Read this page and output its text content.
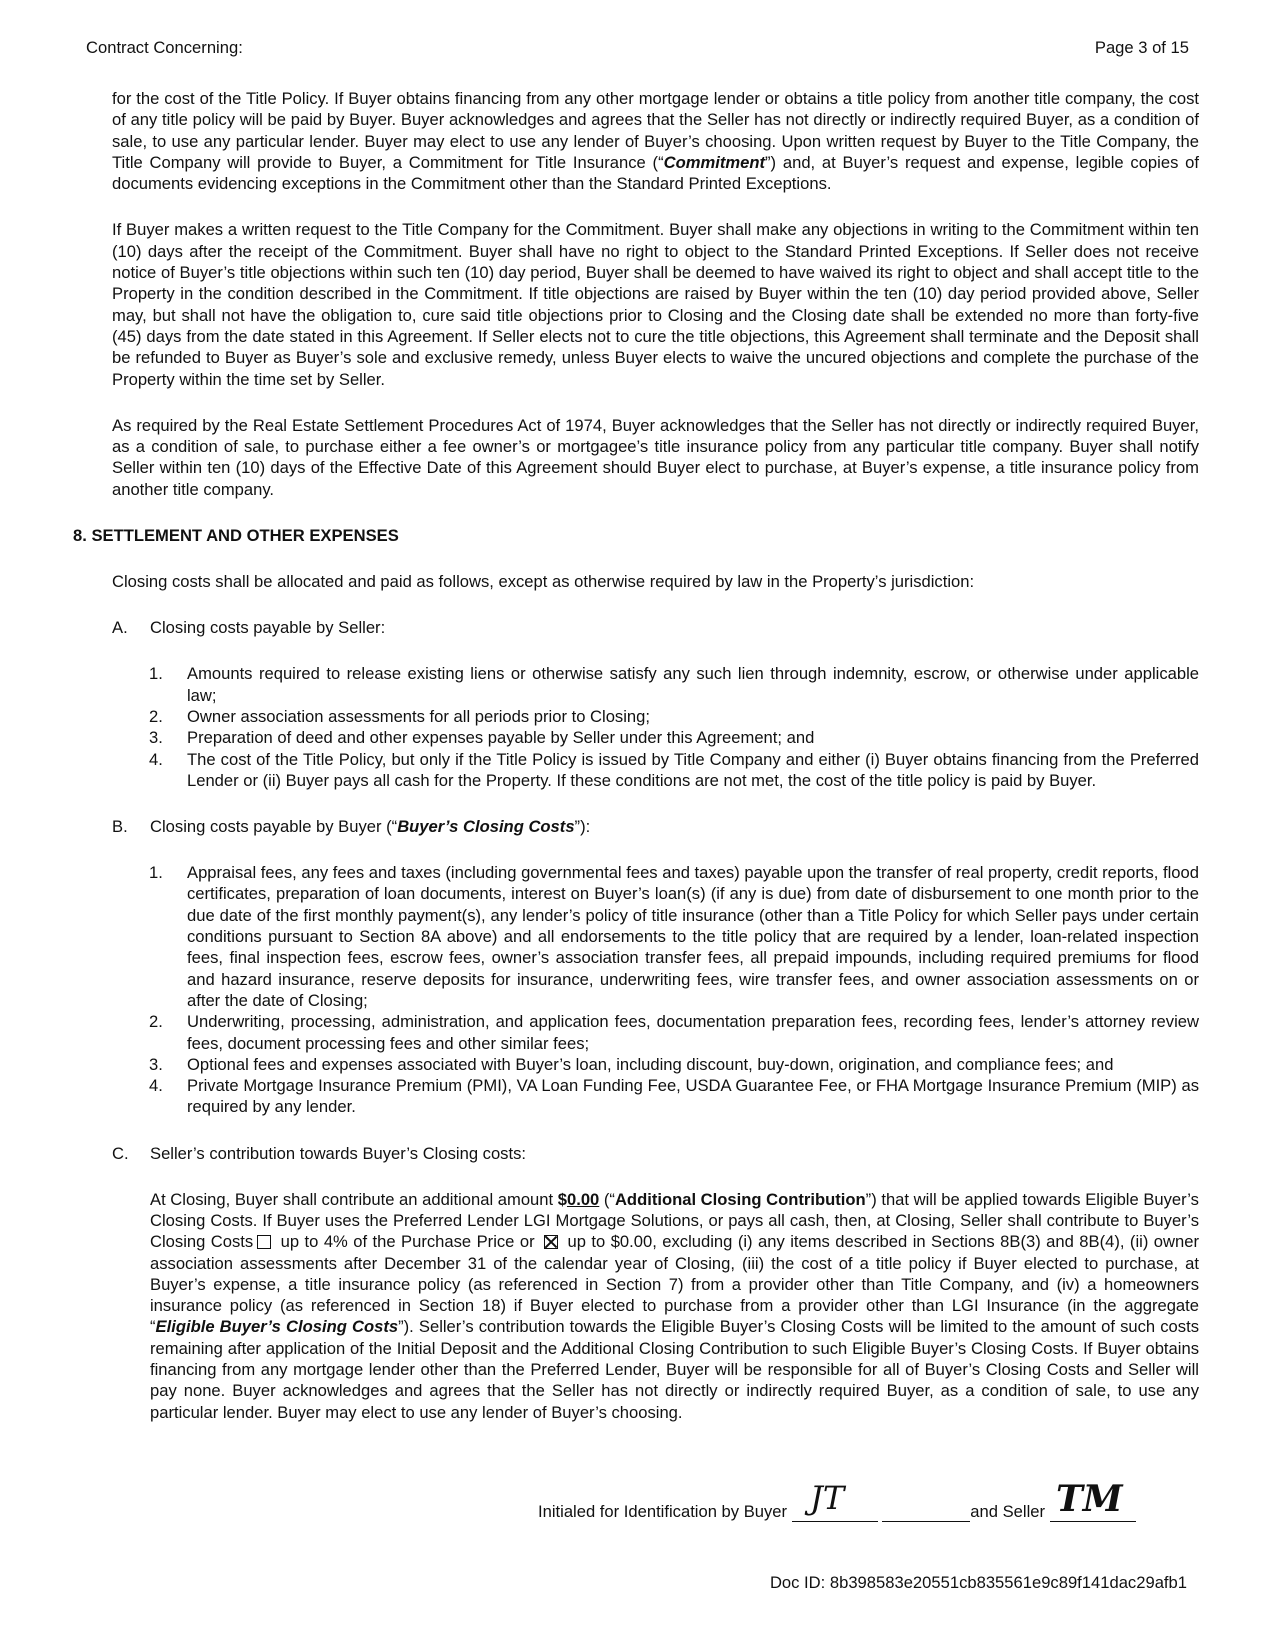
Contract Concerning:	Page 3 of 15

for the cost of the Title Policy. If Buyer obtains financing from any other mortgage lender or obtains a title policy from another title company, the cost of any title policy will be paid by Buyer. Buyer acknowledges and agrees that the Seller has not directly or indirectly required Buyer, as a condition of sale, to use any particular lender. Buyer may elect to use any lender of Buyer’s choosing. Upon written request by Buyer to the Title Company, the Title Company will provide to Buyer, a Commitment for Title Insurance (“Commitment”) and, at Buyer’s request and expense, legible copies of documents evidencing exceptions in the Commitment other than the Standard Printed Exceptions.

If Buyer makes a written request to the Title Company for the Commitment. Buyer shall make any objections in writing to the Commitment within ten (10) days after the receipt of the Commitment. Buyer shall have no right to object to the Standard Printed Exceptions. If Seller does not receive notice of Buyer’s title objections within such ten (10) day period, Buyer shall be deemed to have waived its right to object and shall accept title to the Property in the condition described in the Commitment. If title objections are raised by Buyer within the ten (10) day period provided above, Seller may, but shall not have the obligation to, cure said title objections prior to Closing and the Closing date shall be extended no more than forty-five (45) days from the date stated in this Agreement. If Seller elects not to cure the title objections, this Agreement shall terminate and the Deposit shall be refunded to Buyer as Buyer’s sole and exclusive remedy, unless Buyer elects to waive the uncured objections and complete the purchase of the Property within the time set by Seller.

As required by the Real Estate Settlement Procedures Act of 1974, Buyer acknowledges that the Seller has not directly or indirectly required Buyer, as a condition of sale, to purchase either a fee owner’s or mortgagee’s title insurance policy from any particular title company. Buyer shall notify Seller within ten (10) days of the Effective Date of this Agreement should Buyer elect to purchase, at Buyer’s expense, a title insurance policy from another title company.

8. SETTLEMENT AND OTHER EXPENSES

Closing costs shall be allocated and paid as follows, except as otherwise required by law in the Property’s jurisdiction:

A. Closing costs payable by Seller:
1. Amounts required to release existing liens or otherwise satisfy any such lien through indemnity, escrow, or otherwise under applicable law;

2. Owner association assessments for all periods prior to Closing;

3. Preparation of deed and other expenses payable by Seller under this Agreement; and

4. The cost of the Title Policy, but only if the Title Policy is issued by Title Company and either (i) Buyer obtains financing from the Preferred Lender or (ii) Buyer pays all cash for the Property. If these conditions are not met, the cost of the title policy is paid by Buyer.

B. Closing costs payable by Buyer (“Buyer’s Closing Costs”):
1. Appraisal fees, any fees and taxes (including governmental fees and taxes) payable upon the transfer of real property, credit reports, flood certificates, preparation of loan documents, interest on Buyer’s loan(s) (if any is due) from date of disbursement to one month prior to the due date of the first monthly payment(s), any lender’s policy of title insurance (other than a Title Policy for which Seller pays under certain conditions pursuant to Section 8A above) and all endorsements to the title policy that are required by a lender, loan-related inspection fees, final inspection fees, escrow fees, owner’s association transfer fees, all prepaid impounds, including required premiums for flood and hazard insurance, reserve deposits for insurance, underwriting fees, wire transfer fees, and owner association assessments on or after the date of Closing;

2. Underwriting, processing, administration, and application fees, documentation preparation fees, recording fees, lender’s attorney review fees, document processing fees and other similar fees;

3. Optional fees and expenses associated with Buyer’s loan, including discount, buy-down, origination, and compliance fees; and

4. Private Mortgage Insurance Premium (PMI), VA Loan Funding Fee, USDA Guarantee Fee, or FHA Mortgage Insurance Premium (MIP) as required by any lender.

C. Seller’s contribution towards Buyer’s Closing costs:

At Closing, Buyer shall contribute an additional amount $0.00 (“Additional Closing Contribution”) that will be applied towards Eligible Buyer’s Closing Costs. If Buyer uses the Preferred Lender LGI Mortgage Solutions, or pays all cash, then, at Closing, Seller shall contribute to Buyer’s Closing Costs up to 4% of the Purchase Price or  up to $0.00, excluding (i) any items described in Sections 8B(3) and 8B(4), (ii) owner association assessments after December 31 of the calendar year of Closing, (iii) the cost of a title policy if Buyer elected to purchase, at Buyer’s expense, a title insurance policy (as referenced in Section 7) from a provider other than Title Company, and (iv) a homeowners insurance policy (as referenced in Section 18) if Buyer elected to purchase from a provider other than LGI Insurance (in the aggregate “Eligible Buyer’s Closing Costs”). Seller’s contribution towards the Eligible Buyer’s Closing Costs will be limited to the amount of such costs remaining after application of the Initial Deposit and the Additional Closing Contribution to such Eligible Buyer’s Closing Costs. If Buyer obtains financing from any mortgage lender other than the Preferred Lender, Buyer will be responsible for all of Buyer’s Closing Costs and Seller will pay none. Buyer acknowledges and agrees that the Seller has not directly or indirectly required Buyer, as a condition of sale, to use any particular lender. Buyer may elect to use any lender of Buyer’s choosing.

Initialed for Identification by Buyer JT	and Seller TM
Doc ID: 8b398583e20551cb835561e9c89f141dac29afb1
